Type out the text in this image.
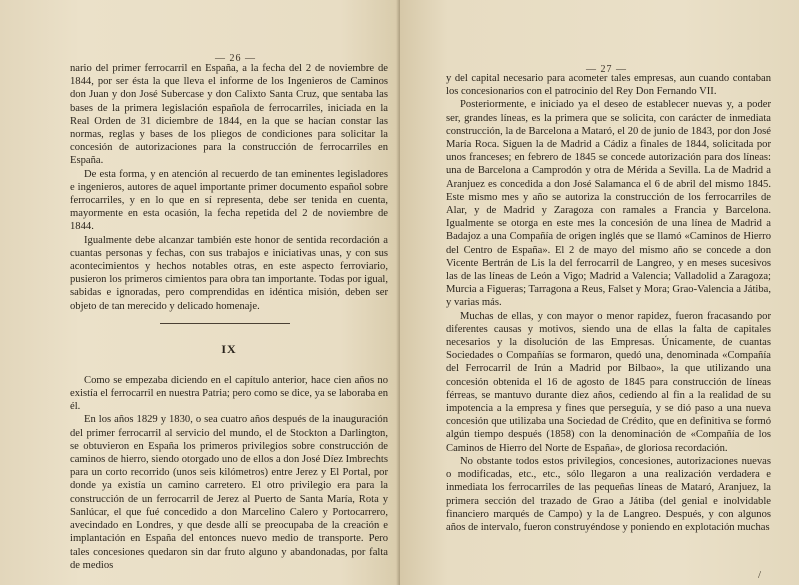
— 26 —

nario del primer ferrocarril en España, a la fecha del 2 de noviembre de 1844, por ser ésta la que lleva el informe de los Ingenieros de Caminos don Juan y don José Subercase y don Calixto Santa Cruz, que sentaba las bases de la primera legislación española de ferrocarriles, iniciada en la Real Orden de 31 diciembre de 1844, en la que se hacían constar las normas, reglas y bases de los pliegos de condiciones para solicitar la concesión de autorizaciones para la construcción de ferrocarriles en España.

De esta forma, y en atención al recuerdo de tan eminentes legisladores e ingenieros, autores de aquel importante primer documento español sobre ferrocarriles, y en lo que en sí representa, debe ser tenida en cuenta, mayormente en esta ocasión, la fecha repetida del 2 de noviembre de 1844.

Igualmente debe alcanzar también este honor de sentida recordación a cuantas personas y fechas, con sus trabajos e iniciativas unas, y con sus acontecimientos y hechos notables otras, en este aspecto ferroviario, pusieron los primeros cimientos para obra tan importante. Todas por igual, sabidas e ignoradas, pero comprendidas en idéntica misión, deben ser objeto de tan merecido y delicado homenaje.

IX

Como se empezaba diciendo en el capítulo anterior, hace cien años no existía el ferrocarril en nuestra Patria; pero como se dice, ya se laboraba en él.

En los años 1829 y 1830, o sea cuatro años después de la inauguración del primer ferrocarril al servicio del mundo, el de Stockton a Darlington, se obtuvieron en España los primeros privilegios sobre construcción de caminos de hierro, siendo otorgado uno de ellos a don José Díez Imbrechts para un corto recorrido (unos seis kilómetros) entre Jerez y El Portal, por donde ya existía un camino carretero. El otro privilegio era para la construcción de un ferrocarril de Jerez al Puerto de Santa María, Rota y Sanlúcar, el que fué concedido a don Marcelino Calero y Portocarrero, avecindado en Londres, y que desde allí se preocupaba de la creación e implantación en España del entonces nuevo medio de transporte. Pero tales concesiones quedaron sin dar fruto alguno y abandonadas, por falta de medios

— 27 —

y del capital necesario para acometer tales empresas, aun cuando contaban los concesionarios con el patrocinio del Rey Don Fernando VII.

Posteriormente, e iniciado ya el deseo de establecer nuevas y, a poder ser, grandes líneas, es la primera que se solicita, con carácter de inmediata construcción, la de Barcelona a Mataró, el 20 de junio de 1843, por don José María Roca. Siguen la de Madrid a Cádiz a finales de 1844, solicitada por unos franceses; en febrero de 1845 se concede autorización para dos líneas: una de Barcelona a Camprodón y otra de Mérida a Sevilla. La de Madrid a Aranjuez es concedida a don José Salamanca el 6 de abril del mismo 1845. Este mismo mes y año se autoriza la construcción de los ferrocarriles de Alar, y de Madrid y Zaragoza con ramales a Francia y Barcelona. Igualmente se otorga en este mes la concesión de una línea de Madrid a Badajoz a una Compañía de origen inglés que se llamó «Caminos de Hierro del Centro de España». El 2 de mayo del mismo año se concede a don Vicente Bertrán de Lis la del ferrocarril de Langreo, y en meses sucesivos las de las líneas de León a Vigo; Madrid a Valencia; Valladolid a Zaragoza; Murcia a Figueras; Tarragona a Reus, Falset y Mora; Grao-Valencia a Játiba, y varias más.

Muchas de ellas, y con mayor o menor rapidez, fueron fracasando por diferentes causas y motivos, siendo una de ellas la falta de capitales necesarios y la disolución de las Empresas. Únicamente, de cuantas Sociedades o Compañías se formaron, quedó una, denominada «Compañía del Ferrocarril de Irún a Madrid por Bilbao», la que utilizando una concesión obtenida el 16 de agosto de 1845 para construcción de líneas férreas, se mantuvo durante diez años, cediendo al fin a la realidad de su impotencia a la empresa y fines que perseguía, y se dió paso a una nueva concesión que utilizaba una Sociedad de Crédito, que en definitiva se formó algún tiempo después (1858) con la denominación de «Compañía de los Caminos de Hierro del Norte de España», de gloriosa recordación.

No obstante todos estos privilegios, concesiones, autorizaciones nuevas o modificadas, etc., etc., sólo llegaron a una realización verdadera e inmediata los ferrocarriles de las pequeñas líneas de Mataró, Aranjuez, la primera sección del trazado de Grao a Játiba (del genial e inolvidable financiero marqués de Campo) y la de Langreo. Después, y con algunos años de intervalo, fueron construyéndose y poniendo en explotación muchas

/
